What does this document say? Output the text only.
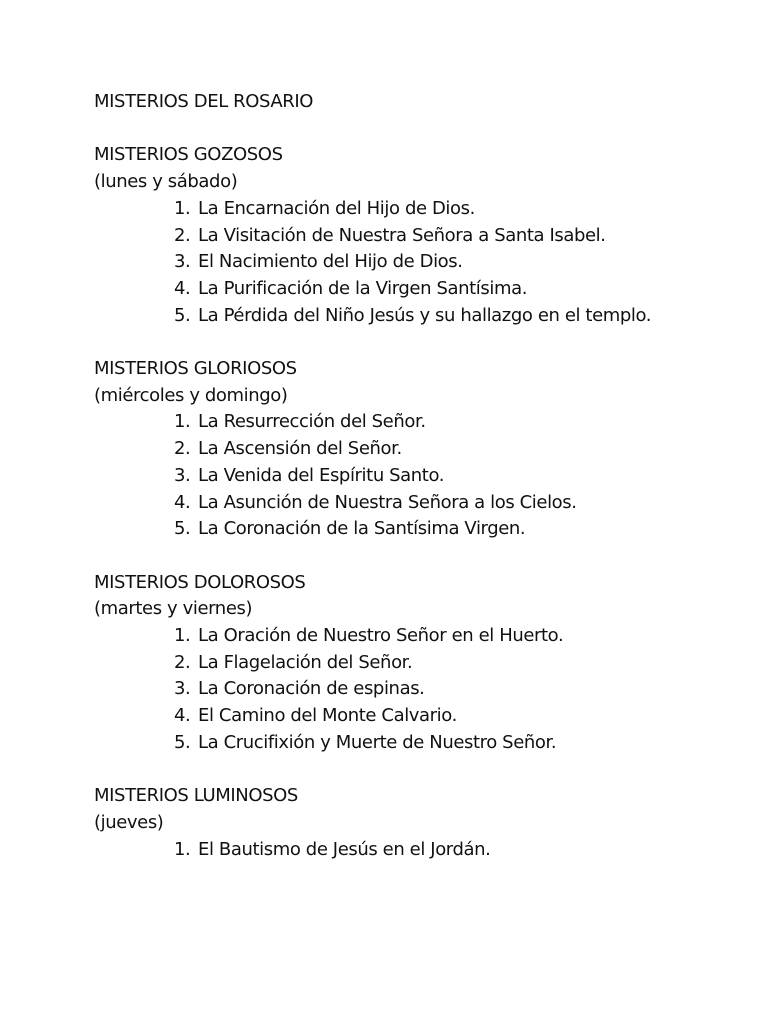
MISTERIOS DEL ROSARIO
MISTERIOS GOZOSOS

(lunes y sábado)

1. La Encarnación del Hijo de Dios.
2. La Visitación de Nuestra Señora a Santa Isabel.
3. El Nacimiento del Hijo de Dios.
4. La Purificación de la Virgen Santísima.
5. La Pérdida del Niño Jesús y su hallazgo en el templo.
MISTERIOS GLORIOSOS

(miércoles y domingo)

1. La Resurrección del Señor.
2. La Ascensión del Señor.
3. La Venida del Espíritu Santo.
4. La Asunción de Nuestra Señora a los Cielos.
5. La Coronación de la Santísima Virgen.
MISTERIOS DOLOROSOS

(martes y viernes)

1. La Oración de Nuestro Señor en el Huerto.
2. La Flagelación del Señor.
3. La Coronación de espinas.
4. El Camino del Monte Calvario.
5. La Crucifixión y Muerte de Nuestro Señor.
MISTERIOS LUMINOSOS

(jueves)

1. El Bautismo de Jesús en el Jordán.
